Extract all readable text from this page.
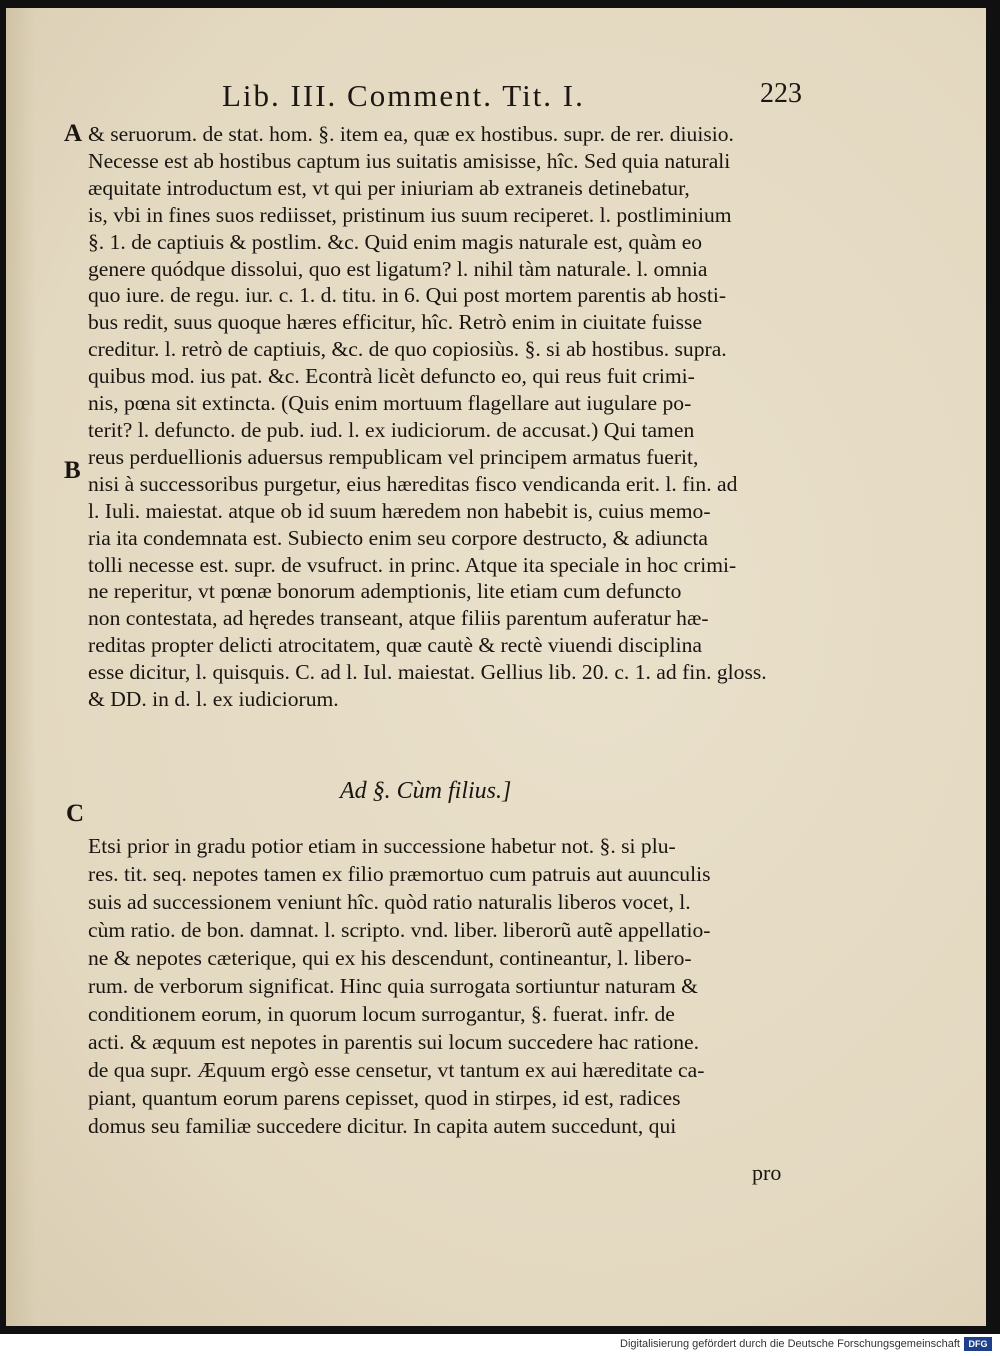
Lib. III. Comment. Tit. I.	223
A
B
C

& seruorum. de stat. hom. §. item ea, quæ ex hostibus. supr. de rer. diuisio.
Necesse est ab hostibus captum ius suitatis amisisse, hîc. Sed quia naturali
æquitate introductum est, vt qui per iniuriam ab extraneis detinebatur,
is, vbi in fines suos rediisset, pristinum ius suum reciperet. l. postliminium
§. 1. de captiuis & postlim. &c. Quid enim magis naturale est, quàm eo
genere quódque dissolui, quo est ligatum? l. nihil tàm naturale. l. omnia
quo iure. de regu. iur. c. 1. d. titu. in 6. Qui post mortem parentis ab hosti-
bus redit, suus quoque hæres efficitur, hîc. Retrò enim in ciuitate fuisse
creditur. l. retrò de captiuis, &c. de quo copiosiùs. §. si ab hostibus. supra.
quibus mod. ius pat. &c. Econtrà licèt defuncto eo, qui reus fuit crimi-
nis, pœna sit extincta. (Quis enim mortuum flagellare aut iugulare po-
terit? l. defuncto. de pub. iud. l. ex iudiciorum. de accusat.) Qui tamen
reus perduellionis aduersus rempublicam vel principem armatus fuerit,
nisi à successoribus purgetur, eius hæreditas fisco vendicanda erit. l. fin. ad
l. Iuli. maiestat. atque ob id suum hæredem non habebit is, cuius memo-
ria ita condemnata est. Subiecto enim seu corpore destructo, & adiuncta
tolli necesse est. supr. de vsufruct. in princ. Atque ita speciale in hoc crimi-
ne reperitur, vt pœnæ bonorum ademptionis, lite etiam cum defuncto
non contestata, ad hęredes transeant, atque filiis parentum auferatur hæ-
reditas propter delicti atrocitatem, quæ cautè & rectè viuendi disciplina
esse dicitur, l. quisquis. C. ad l. Iul. maiestat. Gellius lib. 20. c. 1. ad fin. gloss.
& DD. in d. l. ex iudiciorum.

Ad §. Cùm filius.]

Etsi prior in gradu potior etiam in successione habetur not. §. si plu-
res. tit. seq. nepotes tamen ex filio præmortuo cum patruis aut auunculis
suis ad successionem veniunt hîc. quòd ratio naturalis liberos vocet, l.
cùm ratio. de bon. damnat. l. scripto. vnd. liber. liberorũ autẽ appellatio-
ne & nepotes cæterique, qui ex his descendunt, contineantur, l. libero-
rum. de verborum significat. Hinc quia surrogata sortiuntur naturam &
conditionem eorum, in quorum locum surrogantur, §. fuerat. infr. de
acti. & æquum est nepotes in parentis sui locum succedere hac ratione.
de qua supr. Æquum ergò esse censetur, vt tantum ex aui hæreditate ca-
piant, quantum eorum parens cepisset, quod in stirpes, id est, radices
domus seu familiæ succedere dicitur. In capita autem succedunt, qui

pro
Digitalisierung gefördert durch die Deutsche Forschungsgemeinschaft DFG
